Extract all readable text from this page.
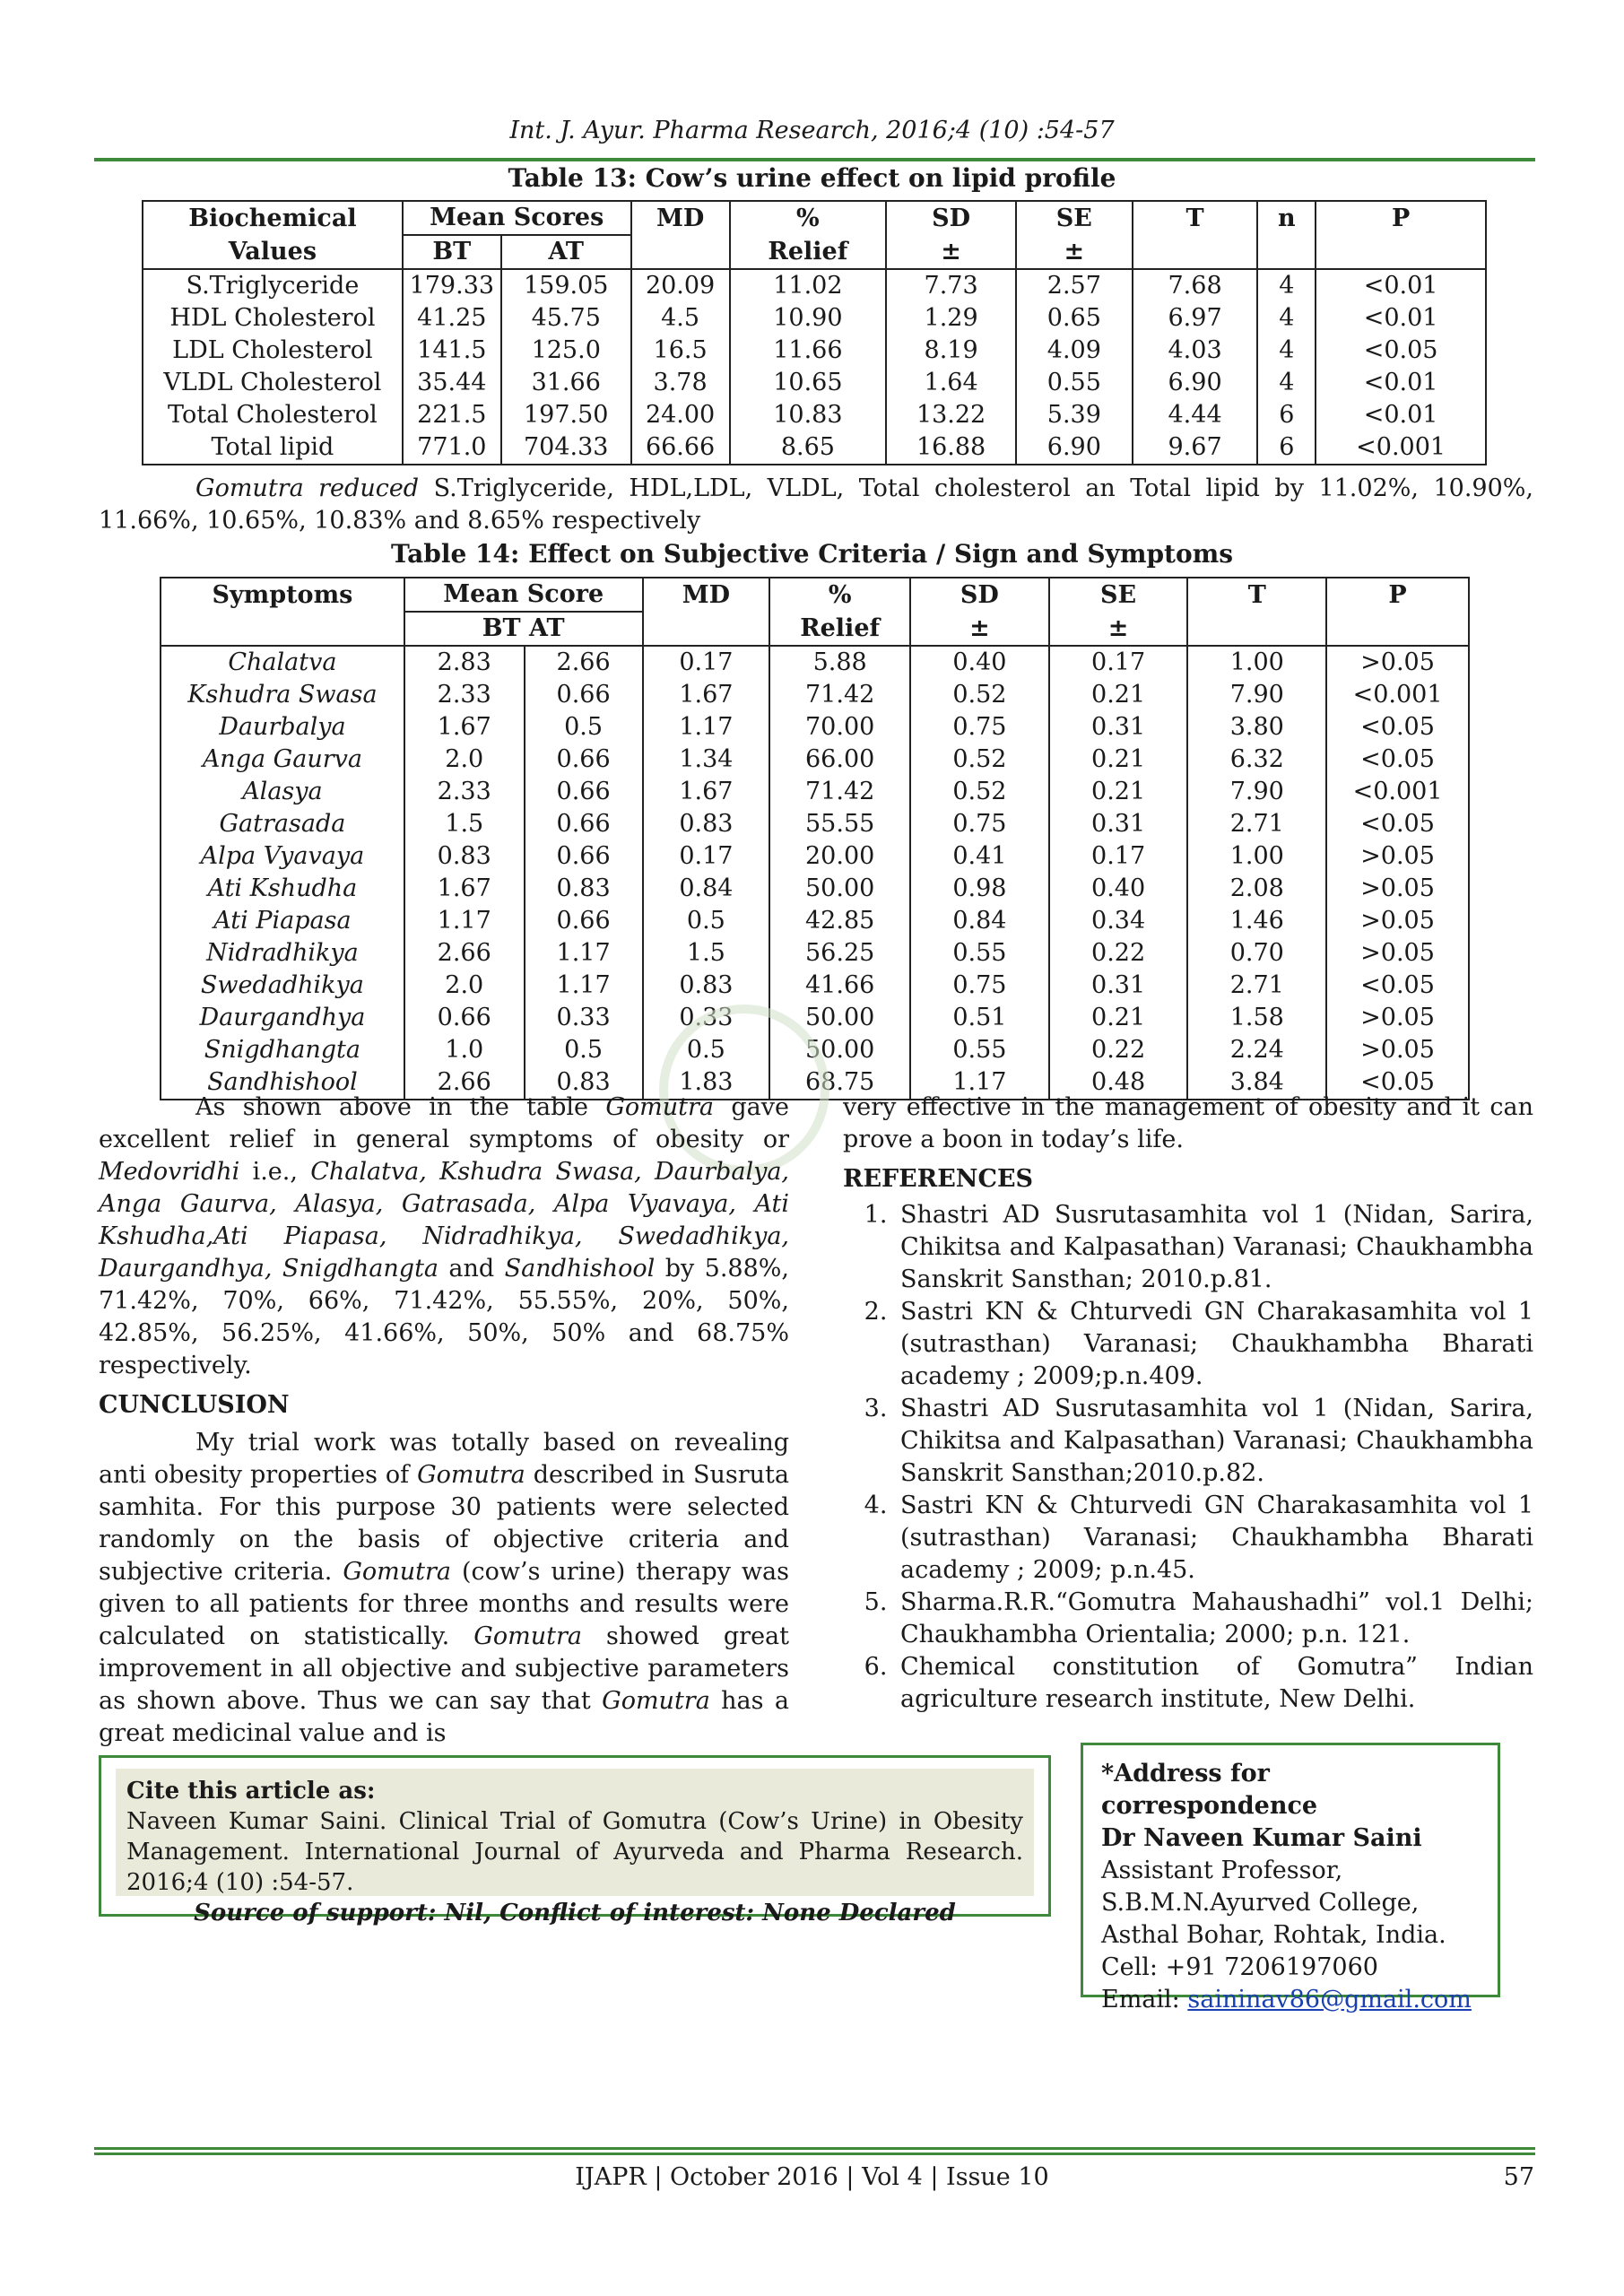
Int. J. Ayur. Pharma Research, 2016;4 (10) :54-57
Table 13: Cow’s urine effect on lipid profile
Biochemical	Mean Scores		MD	%	SD	SE	T	n	P
Values	BT	AT		Relief	±	±			
S.Triglyceride	179.33	159.05	20.09	11.02	7.73	2.57	7.68	4	<0.01
HDL Cholesterol	41.25	45.75	4.5	10.90	1.29	0.65	6.97	4	<0.01
LDL Cholesterol	141.5	125.0	16.5	11.66	8.19	4.09	4.03	4	<0.05
VLDL Cholesterol	35.44	31.66	3.78	10.65	1.64	0.55	6.90	4	<0.01
Total Cholesterol	221.5	197.50	24.00	10.83	13.22	5.39	4.44	6	<0.01
Total lipid	771.0	704.33	66.66	8.65	16.88	6.90	9.67	6	<0.001
Gomutra reduced S.Triglyceride, HDL,LDL, VLDL, Total cholesterol an Total lipid by 11.02%, 10.90%, 11.66%, 10.65%, 10.83% and 8.65% respectively
Table 14: Effect on Subjective Criteria / Sign and Symptoms
Symptoms	Mean Score		MD	%	SD	SE	T	P
	BT AT			Relief	±	±		
Chalatva	2.83	2.66	0.17	5.88	0.40	0.17	1.00	>0.05
Kshudra Swasa	2.33	0.66	1.67	71.42	0.52	0.21	7.90	<0.001
Daurbalya	1.67	0.5	1.17	70.00	0.75	0.31	3.80	<0.05
Anga Gaurva	2.0	0.66	1.34	66.00	0.52	0.21	6.32	<0.05
Alasya	2.33	0.66	1.67	71.42	0.52	0.21	7.90	<0.001
Gatrasada	1.5	0.66	0.83	55.55	0.75	0.31	2.71	<0.05
Alpa Vyavaya	0.83	0.66	0.17	20.00	0.41	0.17	1.00	>0.05
Ati Kshudha	1.67	0.83	0.84	50.00	0.98	0.40	2.08	>0.05
Ati Piapasa	1.17	0.66	0.5	42.85	0.84	0.34	1.46	>0.05
Nidradhikya	2.66	1.17	1.5	56.25	0.55	0.22	0.70	>0.05
Swedadhikya	2.0	1.17	0.83	41.66	0.75	0.31	2.71	<0.05
Daurgandhya	0.66	0.33	0.33	50.00	0.51	0.21	1.58	>0.05
Snigdhangta	1.0	0.5	0.5	50.00	0.55	0.22	2.24	>0.05
Sandhishool	2.66	0.83	1.83	68.75	1.17	0.48	3.84	<0.05
As shown above in the table Gomutra gave excellent relief in general symptoms of obesity or Medovridhi i.e., Chalatva, Kshudra Swasa, Daurbalya, Anga Gaurva, Alasya, Gatrasada, Alpa Vyavaya, Ati Kshudha,Ati Piapasa, Nidradhikya, Swedadhikya, Daurgandhya, Snigdhangta and Sandhishool by 5.88%, 71.42%, 70%, 66%, 71.42%, 55.55%, 20%, 50%, 42.85%, 56.25%, 41.66%, 50%, 50% and 68.75% respectively.
CUNCLUSION
My trial work was totally based on revealing anti obesity properties of Gomutra described in Susruta samhita. For this purpose 30 patients were selected randomly on the basis of objective criteria and subjective criteria. Gomutra (cow’s urine) therapy was given to all patients for three months and results were calculated on statistically. Gomutra showed great improvement in all objective and subjective parameters as shown above. Thus we can say that Gomutra has a great medicinal value and is
very effective in the management of obesity and it can prove a boon in today’s life.
REFERENCES
1. Shastri AD Susrutasamhita vol 1 (Nidan, Sarira, Chikitsa and Kalpasathan) Varanasi; Chaukhambha Sanskrit Sansthan; 2010.p.81.
2. Sastri KN & Chturvedi GN Charakasamhita vol 1 (sutrasthan) Varanasi; Chaukhambha Bharati academy ; 2009;p.n.409.
3. Shastri AD Susrutasamhita vol 1 (Nidan, Sarira, Chikitsa and Kalpasathan) Varanasi; Chaukhambha Sanskrit Sansthan;2010.p.82.
4. Sastri KN & Chturvedi GN Charakasamhita vol 1 (sutrasthan) Varanasi; Chaukhambha Bharati academy ; 2009; p.n.45.
5. Sharma.R.R.“Gomutra Mahaushadhi” vol.1 Delhi; Chaukhambha Orientalia; 2000; p.n. 121.
6. Chemical constitution of Gomutra” Indian agriculture research institute, New Delhi.
Cite this article as:
Naveen Kumar Saini. Clinical Trial of Gomutra (Cow’s Urine) in Obesity Management. International Journal of Ayurveda and Pharma Research. 2016;4 (10) :54-57.
Source of support: Nil, Conflict of interest: None Declared
*Address for correspondence
Dr Naveen Kumar Saini
Assistant Professor,
S.B.M.N.Ayurved College,
Asthal Bohar, Rohtak, India.
Cell: +91 7206197060
Email: saininav86@gmail.com
IJAPR | October 2016 | Vol 4 | Issue 10	57
